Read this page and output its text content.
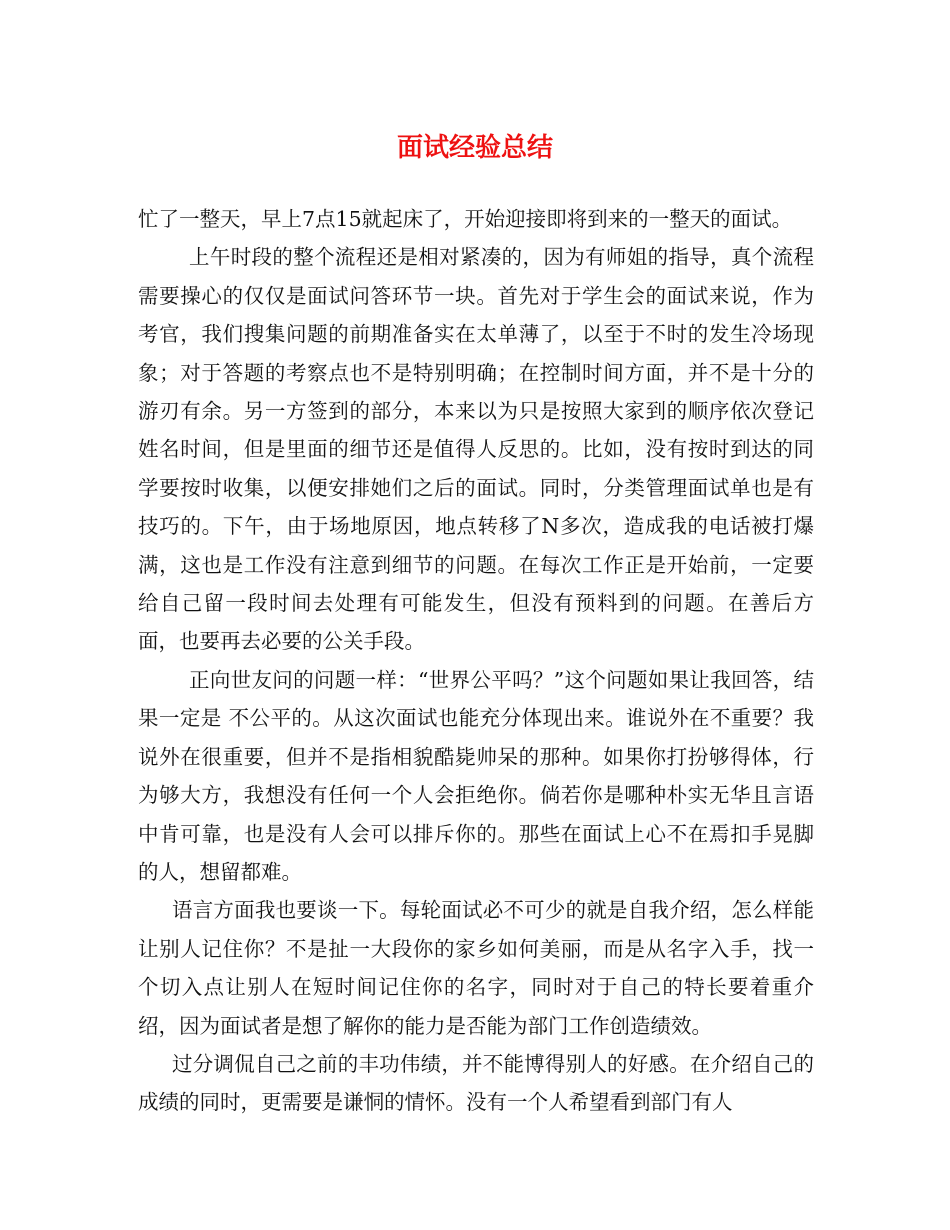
面试经验总结

忙了一整天，早上7点15就起床了，开始迎接即将到来的一整天的面试。

上午时段的整个流程还是相对紧凑的，因为有师姐的指导，真个流程需要操心的仅仅是面试问答环节一块。首先对于学生会的面试来说，作为考官，我们搜集问题的前期准备实在太单薄了，以至于不时的发生冷场现象；对于答题的考察点也不是特别明确；在控制时间方面，并不是十分的游刃有余。另一方签到的部分，本来以为只是按照大家到的顺序依次登记姓名时间，但是里面的细节还是值得人反思的。比如，没有按时到达的同学要按时收集，以便安排她们之后的面试。同时，分类管理面试单也是有技巧的。下午，由于场地原因，地点转移了N多次，造成我的电话被打爆满，这也是工作没有注意到细节的问题。在每次工作正是开始前，一定要给自己留一段时间去处理有可能发生，但没有预料到的问题。在善后方面，也要再去必要的公关手段。

正向世友问的问题一样：“世界公平吗？”这个问题如果让我回答，结果一定是 不公平的。从这次面试也能充分体现出来。谁说外在不重要？我说外在很重要，但并不是指相貌酷毙帅呆的那种。如果你打扮够得体，行为够大方，我想没有任何一个人会拒绝你。倘若你是哪种朴实无华且言语中肯可靠，也是没有人会可以排斥你的。那些在面试上心不在焉扣手晃脚的人，想留都难。

语言方面我也要谈一下。每轮面试必不可少的就是自我介绍，怎么样能让别人记住你？不是扯一大段你的家乡如何美丽，而是从名字入手，找一个切入点让别人在短时间记住你的名字，同时对于自己的特长要着重介绍，因为面试者是想了解你的能力是否能为部门工作创造绩效。

过分调侃自己之前的丰功伟绩，并不能博得别人的好感。在介绍自己的成绩的同时，更需要是谦恫的情怀。没有一个人希望看到部门有人
